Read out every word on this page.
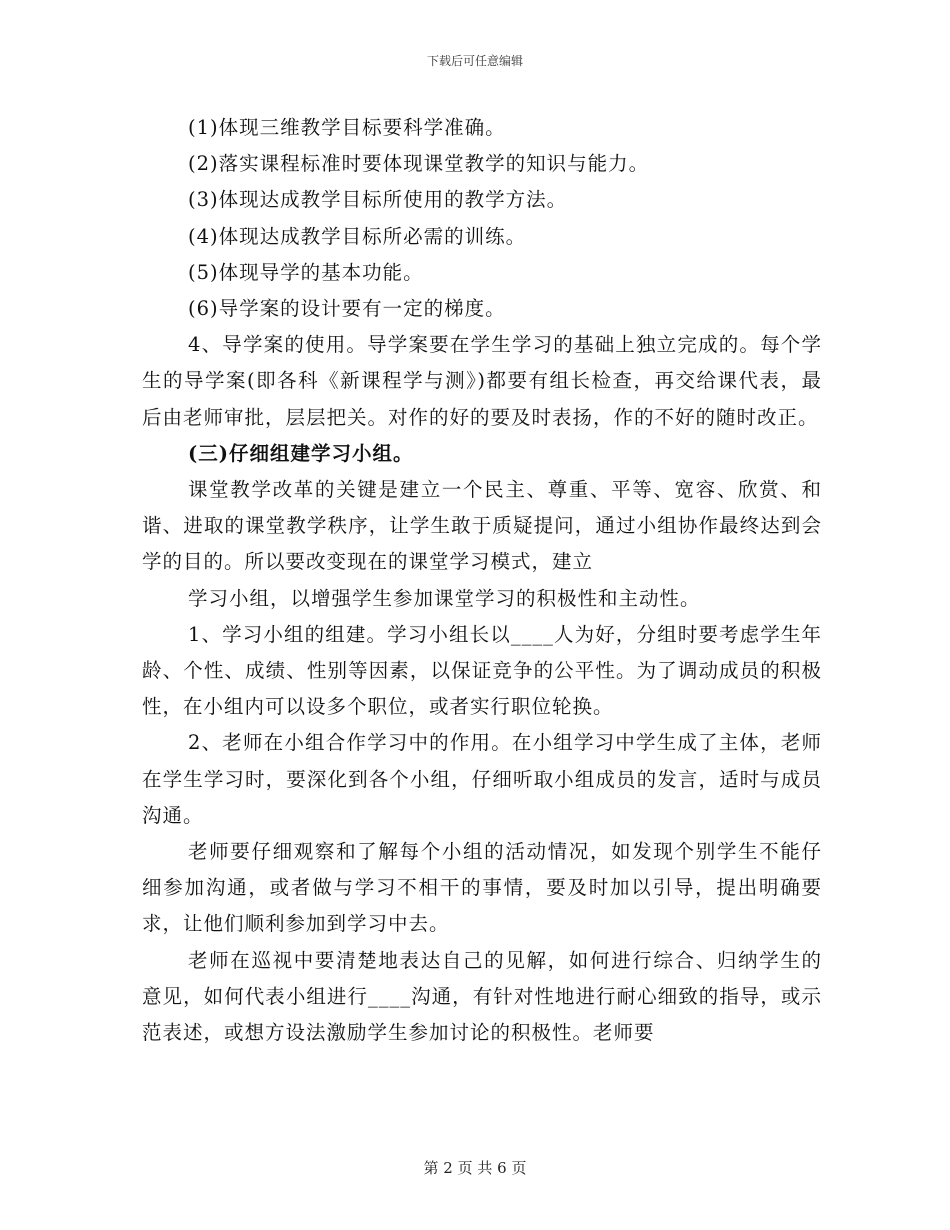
下载后可任意编辑

(1)体现三维教学目标要科学准确。

(2)落实课程标准时要体现课堂教学的知识与能力。

(3)体现达成教学目标所使用的教学方法。

(4)体现达成教学目标所必需的训练。

(5)体现导学的基本功能。

(6)导学案的设计要有一定的梯度。

4、导学案的使用。导学案要在学生学习的基础上独立完成的。每个学生的导学案(即各科《新课程学与测》)都要有组长检查，再交给课代表，最后由老师审批，层层把关。对作的好的要及时表扬，作的不好的随时改正。

(三)仔细组建学习小组。

课堂教学改革的关键是建立一个民主、尊重、平等、宽容、欣赏、和谐、进取的课堂教学秩序，让学生敢于质疑提问，通过小组协作最终达到会学的目的。所以要改变现在的课堂学习模式，建立

学习小组，以增强学生参加课堂学习的积极性和主动性。

1、学习小组的组建。学习小组长以____人为好，分组时要考虑学生年龄、个性、成绩、性别等因素，以保证竞争的公平性。为了调动成员的积极性，在小组内可以设多个职位，或者实行职位轮换。

2、老师在小组合作学习中的作用。在小组学习中学生成了主体，老师在学生学习时，要深化到各个小组，仔细听取小组成员的发言，适时与成员沟通。

老师要仔细观察和了解每个小组的活动情况，如发现个别学生不能仔细参加沟通，或者做与学习不相干的事情，要及时加以引导，提出明确要求，让他们顺利参加到学习中去。

老师在巡视中要清楚地表达自己的见解，如何进行综合、归纳学生的意见，如何代表小组进行____沟通，有针对性地进行耐心细致的指导，或示范表述，或想方设法激励学生参加讨论的积极性。老师要

第 2 页 共 6 页
